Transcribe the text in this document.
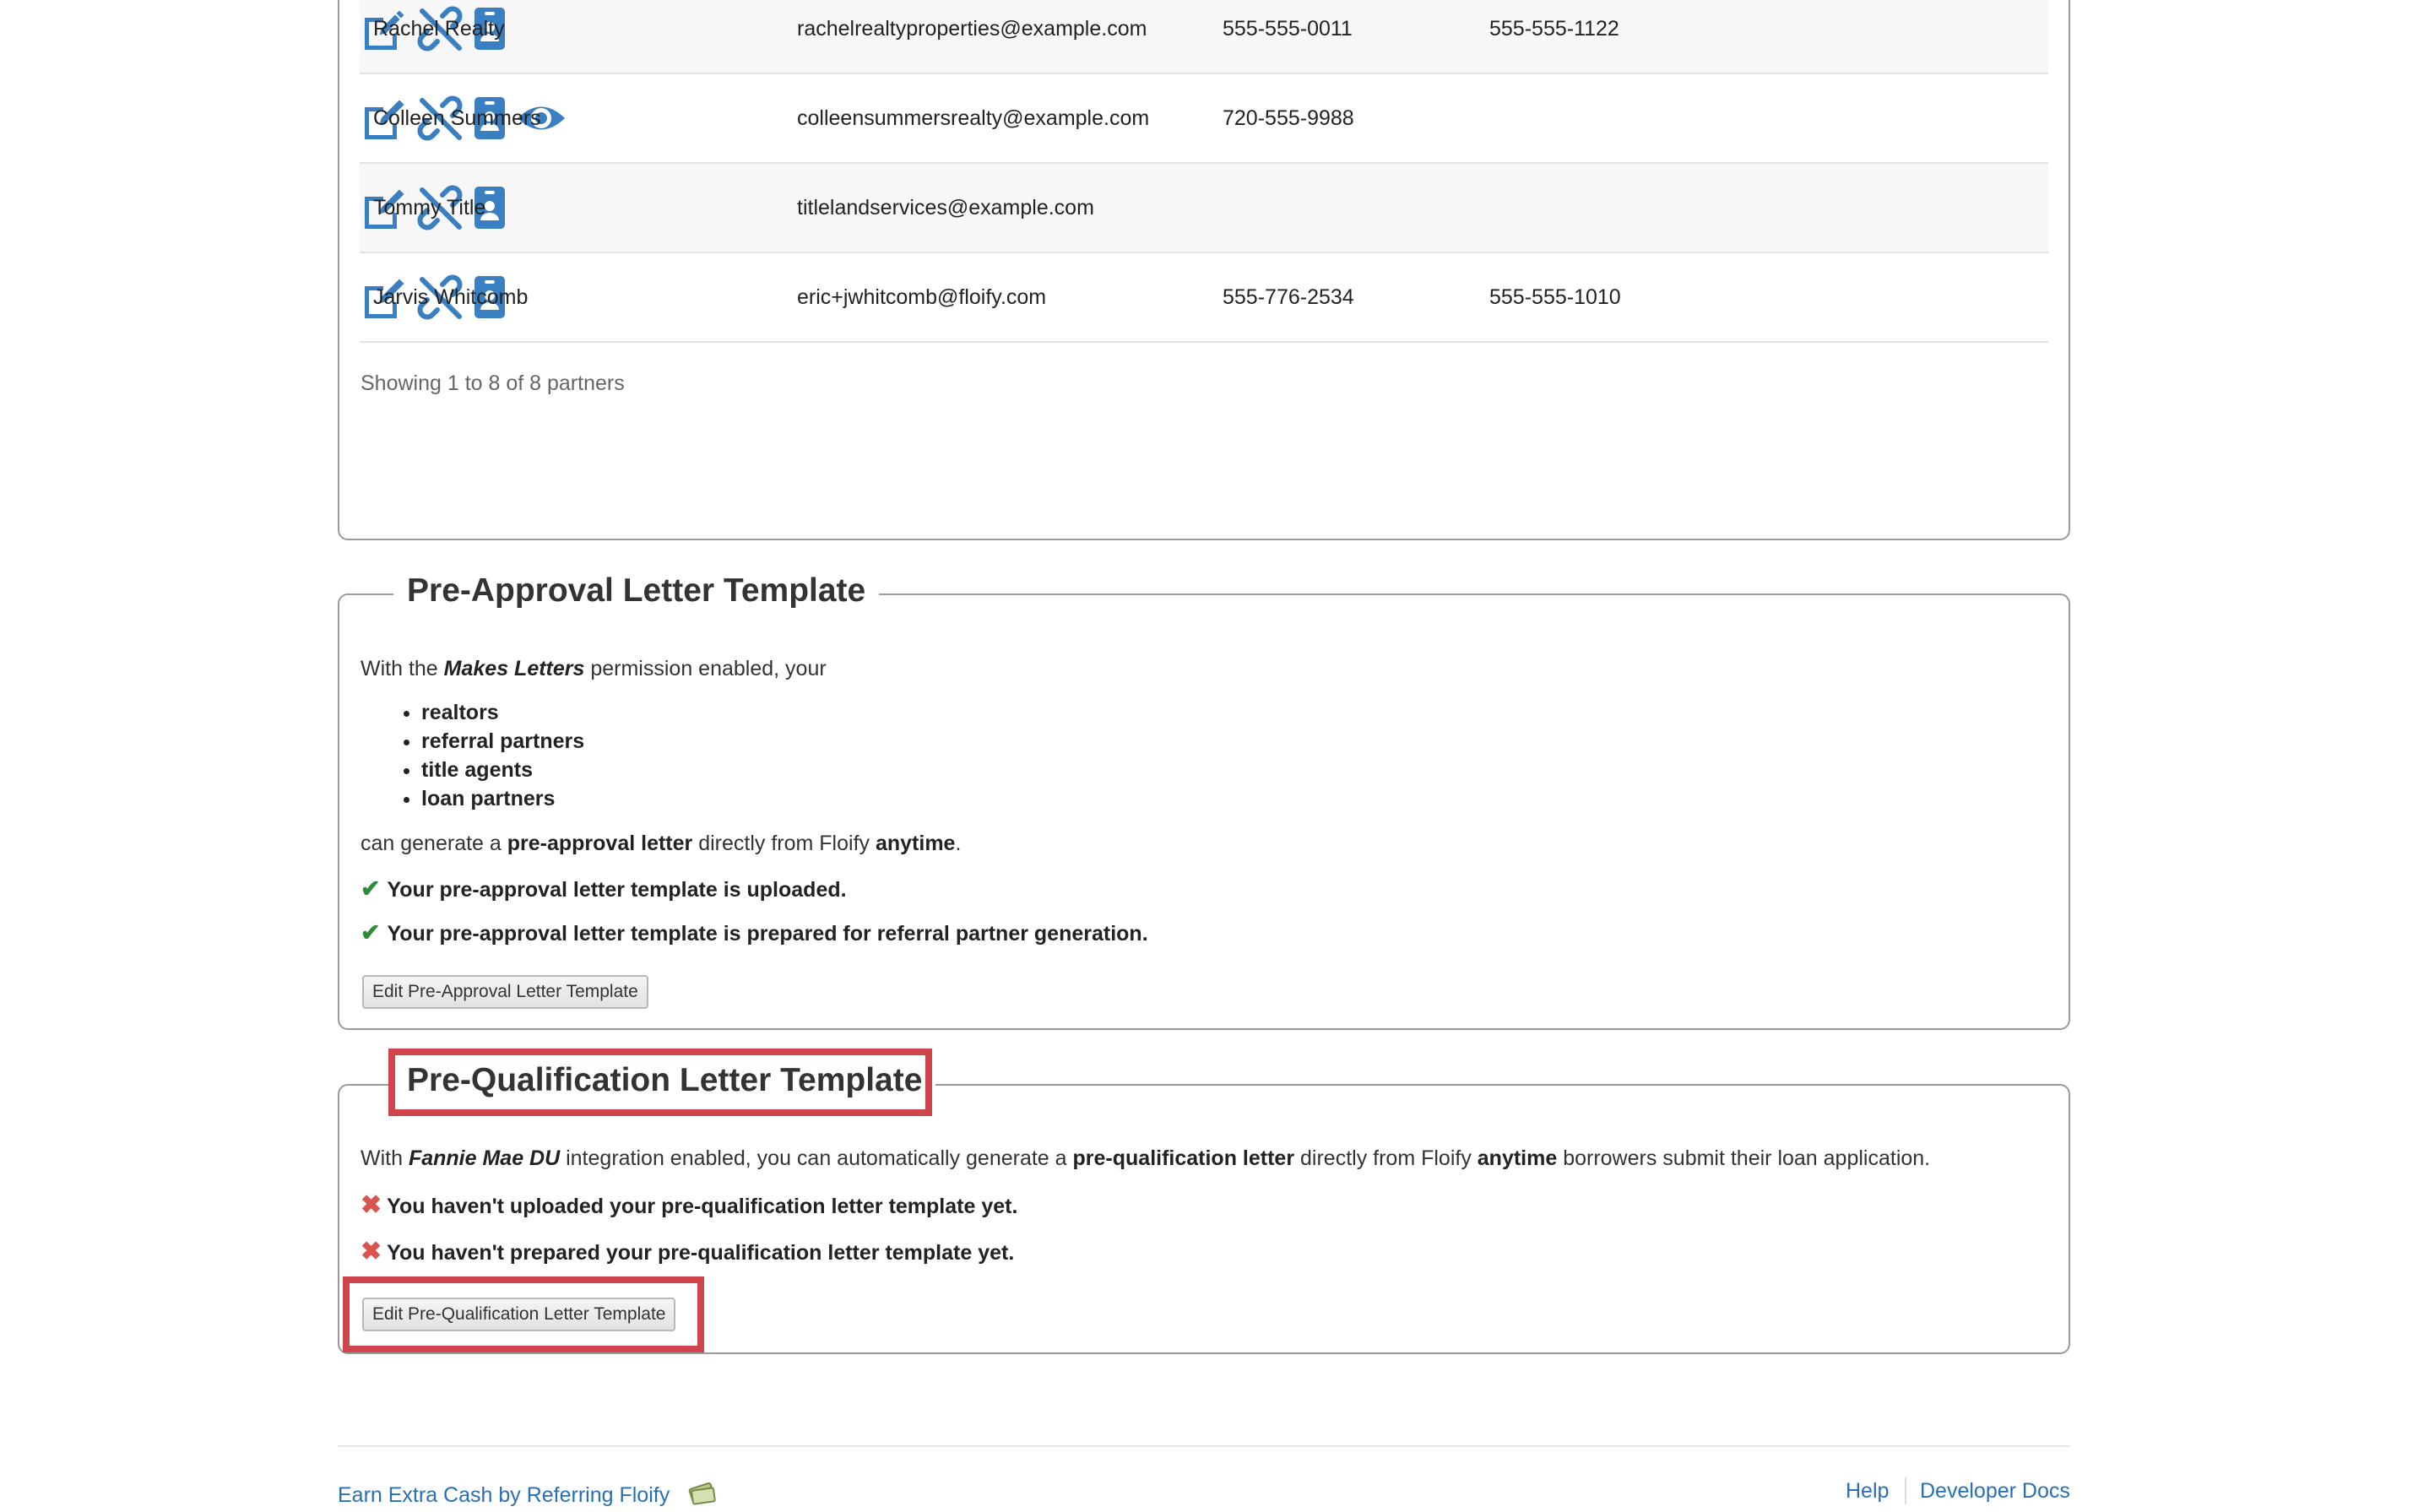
Rachel Realty	rachelrealtyproperties@example.com	555-555-0011	555-555-1122
Colleen Summers	colleensummersrealty@example.com	720-555-9988
Tommy Title	titlelandservices@example.com
Jarvis Whitcomb	eric+jwhitcomb@floify.com	555-776-2534	555-555-1010
Showing 1 to 8 of 8 partners
Pre-Approval Letter Template
With the Makes Letters permission enabled, your
• realtors
• referral partners
• title agents
• loan partners
can generate a pre-approval letter directly from Floify anytime.
✔ Your pre-approval letter template is uploaded.
✔ Your pre-approval letter template is prepared for referral partner generation.
Edit Pre-Approval Letter Template
Pre-Qualification Letter Template
With Fannie Mae DU integration enabled, you can automatically generate a pre-qualification letter directly from Floify anytime borrowers submit their loan application.
✖ You haven't uploaded your pre-qualification letter template yet.
✖ You haven't prepared your pre-qualification letter template yet.
Edit Pre-Qualification Letter Template
Earn Extra Cash by Referring Floify	Help Developer Docs
